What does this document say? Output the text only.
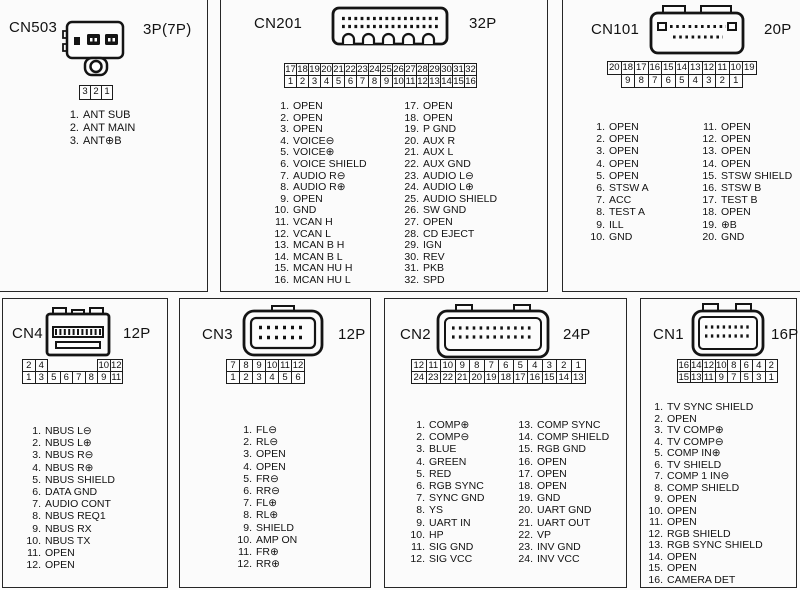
CN503	3P(7P)
3 2 1
1. ANT SUB
2. ANT MAIN
3. ANT⊕B
CN201	32P
17 18 19 20 21 22 23 24 25 26 27 28 29 30 31 32
1 2 3 4 5 6 7 8 9 10 11 12 13 14 15 16
1. OPEN
2. OPEN
3. OPEN
4. VOICE⊖
5. VOICE⊕
6. VOICE SHIELD
7. AUDIO R⊖
8. AUDIO R⊕
9. OPEN
10. GND
11. VCAN H
12. VCAN L
13. MCAN B H
14. MCAN B L
15. MCAN HU H
16. MCAN HU L
17. OPEN
18. OPEN
19. P GND
20. AUX R
21. AUX L
22. AUX GND
23. AUDIO L⊖
24. AUDIO L⊕
25. AUDIO SHIELD
26. SW GND
27. OPEN
28. CD EJECT
29. IGN
30. REV
31. PKB
32. SPD
CN101	20P
20 18 17 16 15 14 13 12 11 10 19
9 8 7 6 5 4 3 2 1
1. OPEN
2. OPEN
3. OPEN
4. OPEN
5. OPEN
6. STSW A
7. ACC
8. TEST A
9. ILL
10. GND
11. OPEN
12. OPEN
13. OPEN
14. OPEN
15. STSW SHIELD
16. STSW B
17. TEST B
18. OPEN
19. ⊕B
20. GND
CN4	12P
2 4	10 12
1 3 5 6 7 8 9 11
1. NBUS L⊖
2. NBUS L⊕
3. NBUS R⊖
4. NBUS R⊕
5. NBUS SHIELD
6. DATA GND
7. AUDIO CONT
8. NBUS REQ1
9. NBUS RX
10. NBUS TX
11. OPEN
12. OPEN
CN3	12P
7 8 9 10 11 12
1 2 3 4 5 6
1. FL⊖
2. RL⊖
3. OPEN
4. OPEN
5. FR⊖
6. RR⊖
7. FL⊕
8. RL⊕
9. SHIELD
10. AMP ON
11. FR⊕
12. RR⊕
CN2	24P
12 11 10 9 8 7 6 5 4 3 2 1
24 23 22 21 20 19 18 17 16 15 14 13
1. COMP⊕
2. COMP⊖
3. BLUE
4. GREEN
5. RED
6. RGB SYNC
7. SYNC GND
8. YS
9. UART IN
10. HP
11. SIG GND
12. SIG VCC
13. COMP SYNC
14. COMP SHIELD
15. RGB GND
16. OPEN
17. OPEN
18. OPEN
19. GND
20. UART GND
21. UART OUT
22. VP
23. INV GND
24. INV VCC
CN1	16P
16 14 12 10 8 6 4 2
15 13 11 9 7 5 3 1
1. TV SYNC SHIELD
2. OPEN
3. TV COMP⊕
4. TV COMP⊖
5. COMP IN⊕
6. TV SHIELD
7. COMP 1 IN⊖
8. COMP SHIELD
9. OPEN
10. OPEN
11. OPEN
12. RGB SHIELD
13. RGB SYNC SHIELD
14. OPEN
15. OPEN
16. CAMERA DET
